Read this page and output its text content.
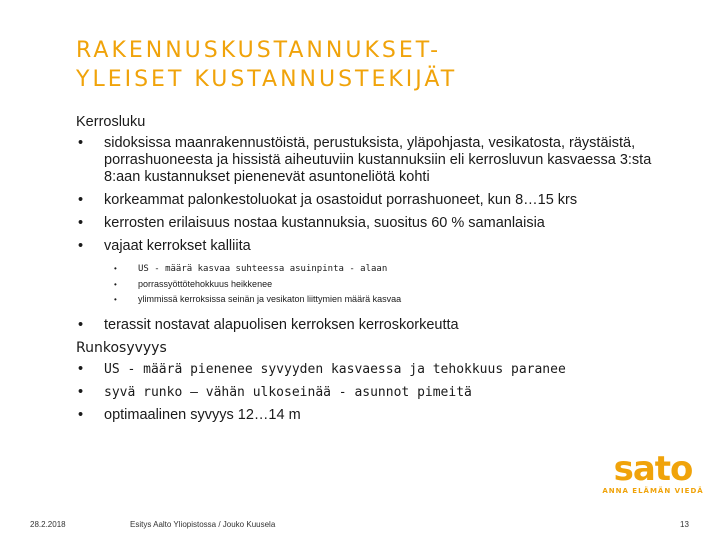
RAKENNUSKUSTANNUKSET-
YLEISET KUSTANNUSTEKIJÄT
Kerrosluku
• sidoksissa maanrakennustöistä, perustuksista, yläpohjasta, vesikatosta, räystäistä, porrashuoneesta ja hissistä aiheutuviin kustannuksiin eli kerrosluvun kasvaessa 3:sta 8:aan kustannukset pienenevät asuntoneliötä kohti
• korkeammat palonkestoluokat ja osastoidut porrashuoneet, kun 8…15 krs
• kerrosten erilaisuus nostaa kustannuksia, suositus 60 % samanlaisia
• vajaat kerrokset kalliita
• US - määrä kasvaa suhteessa asuinpinta - alaan
• porrassyöttötehokkuus heikkenee
• ylimmissä kerroksissa seinän ja vesikaton liittymien määrä kasvaa
• terassit nostavat alapuolisen kerroksen kerroskorkeutta
Runkosyvyys
• US - määrä pienenee syvyyden kasvaessa ja tehokkuus paranee
• syvä runko – vähän ulkoseinää - asunnot pimeitä
• optimaalinen syvyys 12…14 m
sato
ANNA ELÄMÄN VIEDÄ
28.2.2018	Esitys Aalto Yliopistossa / Jouko Kuusela	13
